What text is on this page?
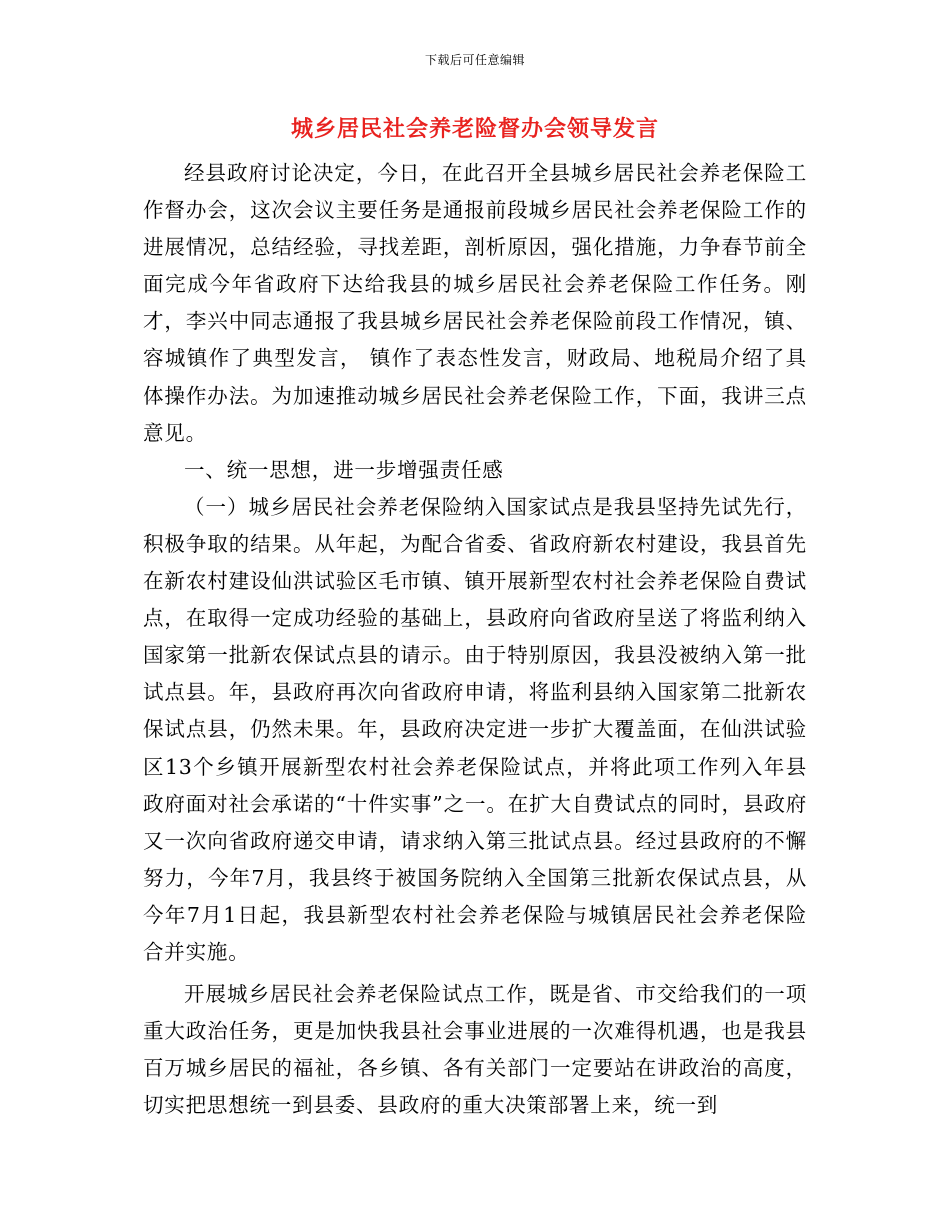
下载后可任意编辑
城乡居民社会养老险督办会领导发言

经县政府讨论决定，今日，在此召开全县城乡居民社会养老保险工作督办会，这次会议主要任务是通报前段城乡居民社会养老保险工作的进展情况，总结经验，寻找差距，剖析原因，强化措施，力争春节前全面完成今年省政府下达给我县的城乡居民社会养老保险工作任务。刚才，李兴中同志通报了我县城乡居民社会养老保险前段工作情况，镇、容城镇作了典型发言， 镇作了表态性发言，财政局、地税局介绍了具体操作办法。为加速推动城乡居民社会养老保险工作，下面，我讲三点意见。

一、统一思想，进一步增强责任感

（一）城乡居民社会养老保险纳入国家试点是我县坚持先试先行，积极争取的结果。从年起，为配合省委、省政府新农村建设，我县首先在新农村建设仙洪试验区毛市镇、镇开展新型农村社会养老保险自费试点，在取得一定成功经验的基础上，县政府向省政府呈送了将监利纳入国家第一批新农保试点县的请示。由于特别原因，我县没被纳入第一批试点县。年，县政府再次向省政府申请，将监利县纳入国家第二批新农保试点县，仍然未果。年，县政府决定进一步扩大覆盖面，在仙洪试验区13个乡镇开展新型农村社会养老保险试点，并将此项工作列入年县政府面对社会承诺的“十件实事”之一。在扩大自费试点的同时，县政府又一次向省政府递交申请，请求纳入第三批试点县。经过县政府的不懈努力，今年7月，我县终于被国务院纳入全国第三批新农保试点县，从今年7月1日起，我县新型农村社会养老保险与城镇居民社会养老保险合并实施。

开展城乡居民社会养老保险试点工作，既是省、市交给我们的一项重大政治任务，更是加快我县社会事业进展的一次难得机遇，也是我县百万城乡居民的福祉，各乡镇、各有关部门一定要站在讲政治的高度，切实把思想统一到县委、县政府的重大决策部署上来，统一到
